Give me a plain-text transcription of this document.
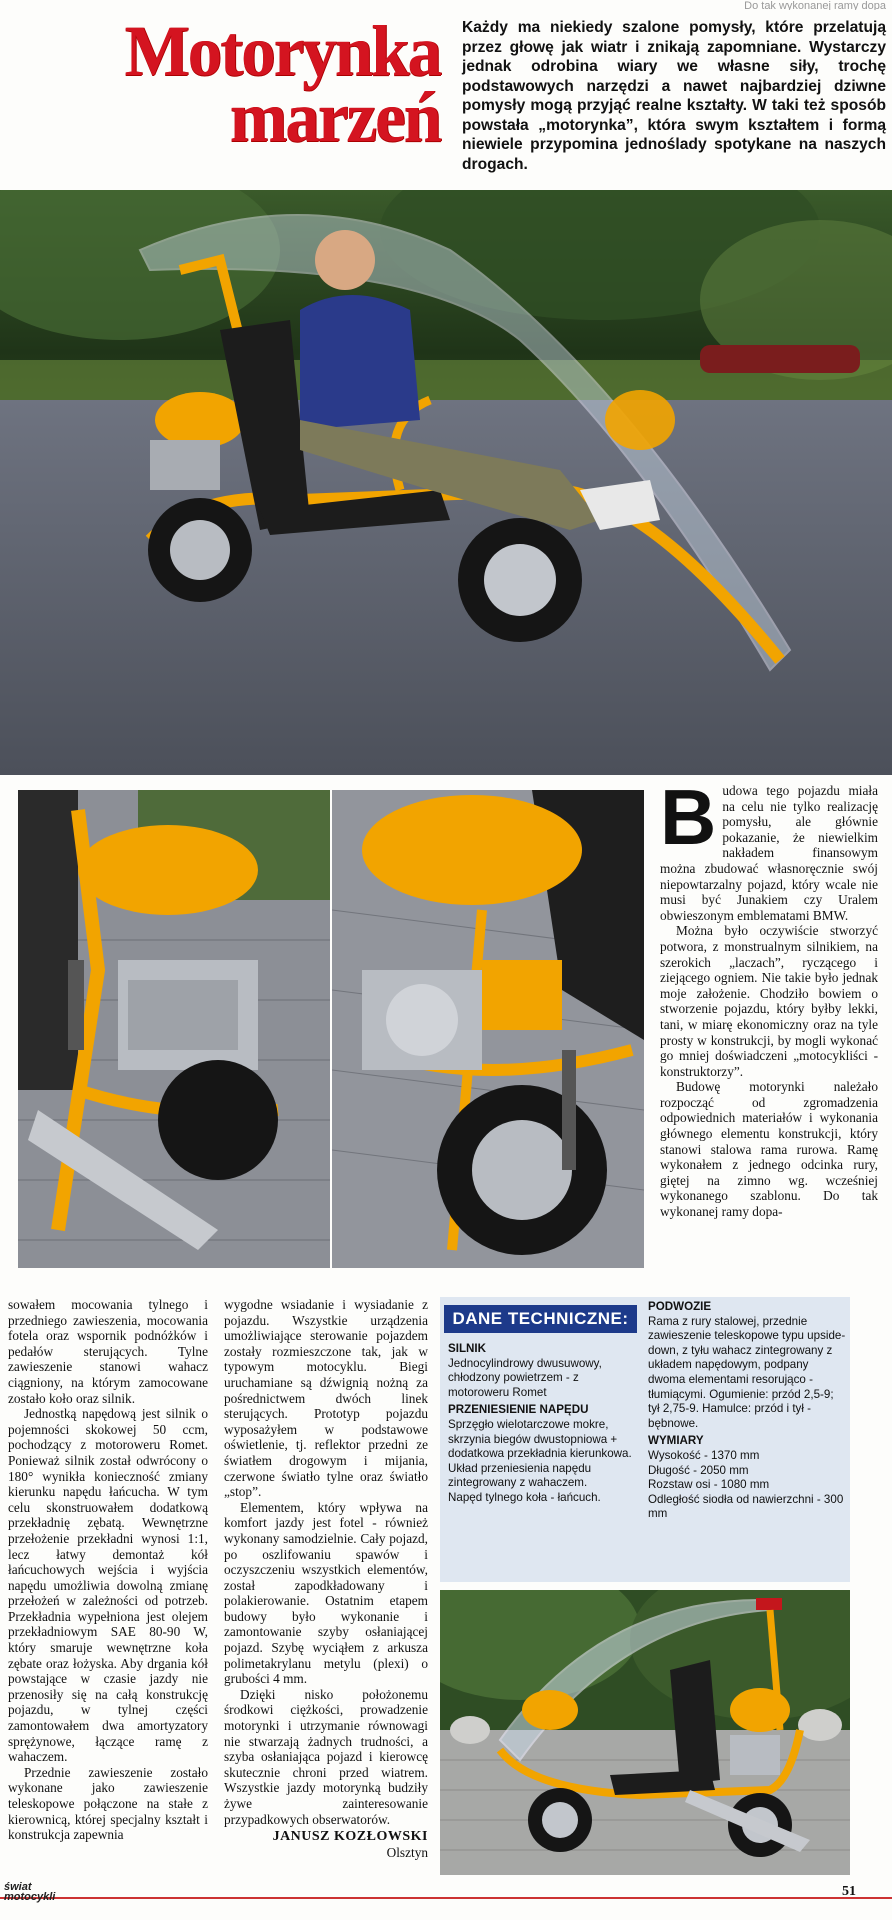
Do tak wykonanej ramy dopa
Motorynka
marzeń
Każdy ma niekiedy szalone pomysły, które przelatują przez głowę jak wiatr i znikają zapomniane. Wystarczy jednak odrobina wiary we własne siły, trochę podstawowych narzędzi a nawet najbardziej dziwne pomysły mogą przyjąć realne kształty. W taki też sposób powstała „motorynka”, która swym kształtem i formą niewiele przypomina jednoślady spotykane na naszych drogach.

Budowa tego pojazdu miała na celu nie tylko realizację pomysłu, ale głównie pokazanie, że niewielkim nakładem finansowym można zbudować własnoręcznie swój niepowtarzalny pojazd, który wcale nie musi być Junakiem czy Uralem obwieszonym emblematami BMW.

Można było oczywiście stworzyć potwora, z monstrualnym silnikiem, na szerokich „laczach”, ryczącego i ziejącego ogniem. Nie takie było jednak moje założenie. Chodziło bowiem o stworzenie pojazdu, który byłby lekki, tani, w miarę ekonomiczny oraz na tyle prosty w konstrukcji, by mogli wykonać go mniej doświadczeni „motocykliści - konstruktorzy”.

Budowę motorynki należało rozpocząć od zgromadzenia odpowiednich materiałów i wykonania głównego elementu konstrukcji, który stanowi stalowa rama rurowa. Ramę wykonałem z jednego odcinka rury, giętej na zimno wg. wcześniej wykonanego szablonu. Do tak wykonanej ramy dopa-

sowałem mocowania tylnego i przedniego zawieszenia, mocowania fotela oraz wspornik podnóżków i pedałów sterujących. Tylne zawieszenie stanowi wahacz ciągniony, na którym zamocowane zostało koło oraz silnik.

Jednostką napędową jest silnik o pojemności skokowej 50 ccm, pochodzący z motoroweru Romet. Ponieważ silnik został odwrócony o 180° wynikła konieczność zmiany kierunku napędu łańcucha. W tym celu skonstruowałem dodatkową przekładnię zębatą. Wewnętrzne przełożenie przekładni wynosi 1:1, lecz łatwy demontaż kół łańcuchowych wejścia i wyjścia napędu umożliwia dowolną zmianę przełożeń w zależności od potrzeb. Przekładnia wypełniona jest olejem przekładniowym SAE 80-90 W, który smaruje wewnętrzne koła zębate oraz łożyska. Aby drgania kół powstające w czasie jazdy nie przenosiły się na całą konstrukcję pojazdu, w tylnej części zamontowałem dwa amortyzatory sprężynowe, łączące ramę z wahaczem.

Przednie zawieszenie zostało wykonane jako zawieszenie teleskopowe połączone na stałe z kierownicą, której specjalny kształt i konstrukcja zapewnia

wygodne wsiadanie i wysiadanie z pojazdu. Wszystkie urządzenia umożliwiające sterowanie pojazdem zostały rozmieszczone tak, jak w typowym motocyklu. Biegi uruchamiane są dźwignią nożną za pośrednictwem dwóch linek sterujących. Prototyp pojazdu wyposażyłem w podstawowe oświetlenie, tj. reflektor przedni ze światłem drogowym i mijania, czerwone światło tylne oraz światło „stop”.

Elementem, który wpływa na komfort jazdy jest fotel - również wykonany samodzielnie. Cały pojazd, po oszlifowaniu spawów i oczyszczeniu wszystkich elementów, został zapodkładowany i polakierowanie. Ostatnim etapem budowy było wykonanie i zamontowanie szyby osłaniającej pojazd. Szybę wyciąłem z arkusza polimetakrylanu metylu (plexi) o grubości 4 mm.

Dzięki nisko położonemu środkowi ciężkości, prowadzenie motorynki i utrzymanie równowagi nie stwarzają żadnych trudności, a szyba osłaniająca pojazd i kierowcę skutecznie chroni przed wiatrem. Wszystkie jazdy motorynką budziły żywe zainteresowanie przypadkowych obserwatorów.

JANUSZ KOZŁOWSKI
Olsztyn
DANE TECHNICZNE:
SILNIK

Jednocylindrowy dwusuwowy, chłodzony powietrzem - z motoroweru Romet

PRZENIESIENIE NAPĘDU

Sprzęgło wielotarczowe mokre, skrzynia biegów dwustopniowa + dodatkowa przekładnia kierunkowa.

Układ przeniesienia napędu zintegrowany z wahaczem.

Napęd tylnego koła - łańcuch.

PODWOZIE

Rama z rury stalowej, przednie zawieszenie teleskopowe typu upside-down, z tyłu wahacz zintegrowany z układem napędowym, podpany dwoma elementami resorująco - tłumiącymi. Ogumienie: przód 2,5-9; tył 2,75-9. Hamulce: przód i tył - bębnowe.

WYMIARY

Wysokość - 1370 mm

Długość - 2050 mm

Rozstaw osi - 1080 mm

Odległość siodła od nawierzchni - 300 mm

świat
motocykli	51
